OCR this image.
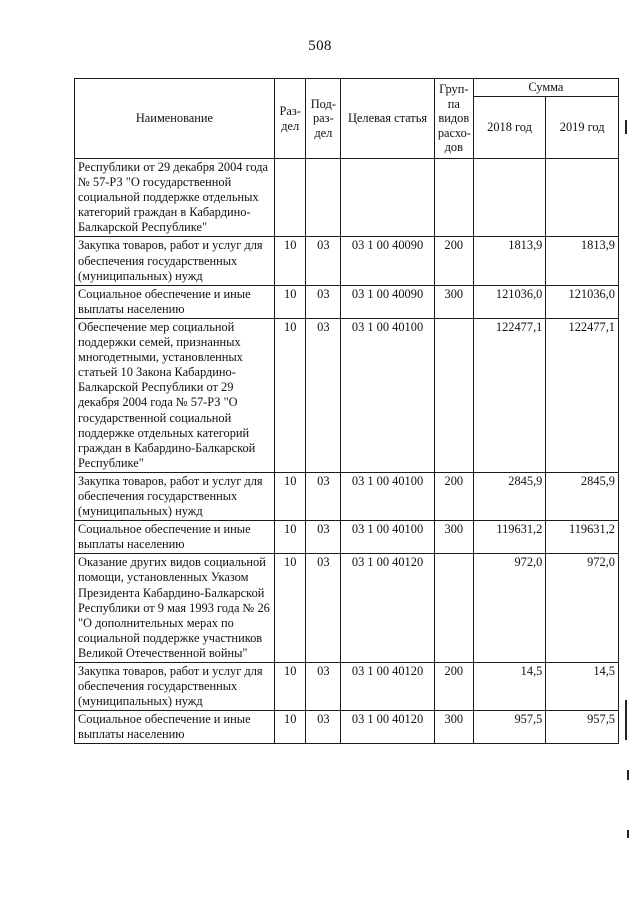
508
Наименование	Раз-дел	Под-раз-дел	Целевая статья	Груп-па видов расхо-дов	Сумма	
					2018 год	2019 год
Республики от 29 декабря 2004 года № 57-РЗ "О государственной социальной поддержке отдельных категорий граждан в Кабардино-Балкарской Республике"						
Закупка товаров, работ и услуг для обеспечения государственных (муниципальных) нужд	10	03	03 1 00 40090	200	1813,9	1813,9
Социальное обеспечение и иные выплаты населению	10	03	03 1 00 40090	300	121036,0	121036,0
Обеспечение мер социальной поддержки семей, признанных многодетными, установленных статьей 10 Закона Кабардино-Балкарской Республики от 29 декабря 2004 года № 57-РЗ "О государственной социальной поддержке отдельных категорий граждан в Кабардино-Балкарской Республике"	10	03	03 1 00 40100		122477,1	122477,1
Закупка товаров, работ и услуг для обеспечения государственных (муниципальных) нужд	10	03	03 1 00 40100	200	2845,9	2845,9
Социальное обеспечение и иные выплаты населению	10	03	03 1 00 40100	300	119631,2	119631,2
Оказание других видов социальной помощи, установленных Указом Президента Кабардино-Балкарской Республики от 9 мая 1993 года № 26 "О дополнительных мерах по социальной поддержке участников Великой Отечественной войны"	10	03	03 1 00 40120		972,0	972,0
Закупка товаров, работ и услуг для обеспечения государственных (муниципальных) нужд	10	03	03 1 00 40120	200	14,5	14,5
Социальное обеспечение и иные выплаты населению	10	03	03 1 00 40120	300	957,5	957,5
